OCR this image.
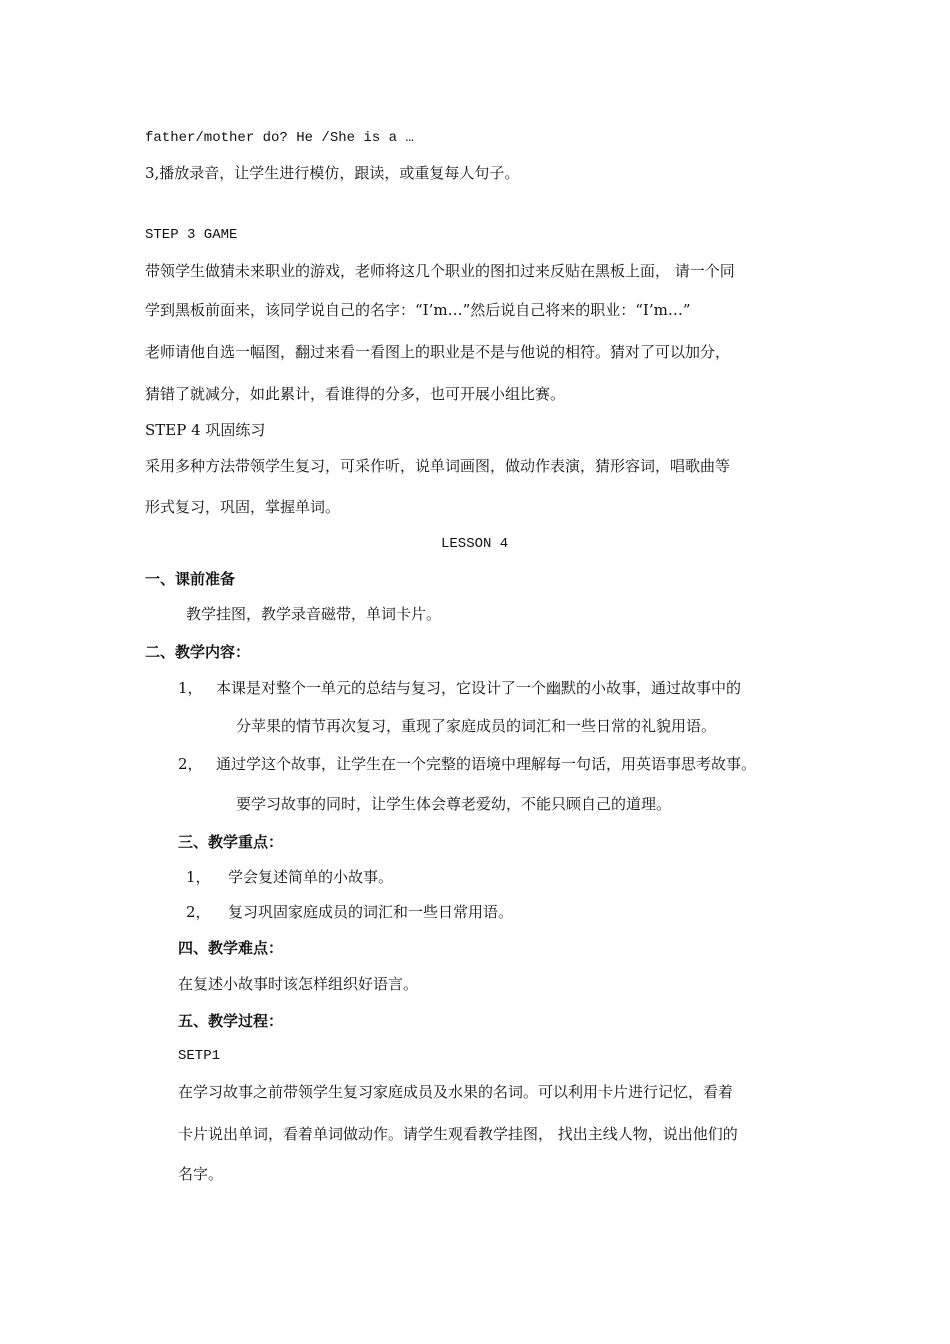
father/mother do? He /She is a …
3,播放录音，让学生进行模仿，跟读，或重复每人句子。
STEP 3 GAME
带领学生做猜未来职业的游戏，老师将这几个职业的图扣过来反贴在黑板上面， 请一个同
学到黑板前面来，该同学说自己的名字：“I’m…”然后说自己将来的职业：“I’m…”
老师请他自选一幅图，翻过来看一看图上的职业是不是与他说的相符。猜对了可以加分，
猜错了就减分，如此累计，看谁得的分多，也可开展小组比赛。
STEP 4 巩固练习
采用多种方法带领学生复习，可采作听，说单词画图，做动作表演，猜形容词，唱歌曲等
形式复习，巩固，掌握单词。
LESSON 4
一、课前准备
教学挂图，教学录音磁带，单词卡片。
二、教学内容：
1， 本课是对整个一单元的总结与复习，它设计了一个幽默的小故事，通过故事中的
分苹果的情节再次复习，重现了家庭成员的词汇和一些日常的礼貌用语。
2， 通过学这个故事，让学生在一个完整的语境中理解每一句话，用英语事思考故事。
要学习故事的同时，让学生体会尊老爱幼，不能只顾自己的道理。
三、教学重点：
1， 学会复述简单的小故事。
2， 复习巩固家庭成员的词汇和一些日常用语。
四、教学难点：
在复述小故事时该怎样组织好语言。
五、教学过程：
SETP1
在学习故事之前带领学生复习家庭成员及水果的名词。可以利用卡片进行记忆，看着
卡片说出单词，看着单词做动作。请学生观看教学挂图， 找出主线人物，说出他们的
名字。
